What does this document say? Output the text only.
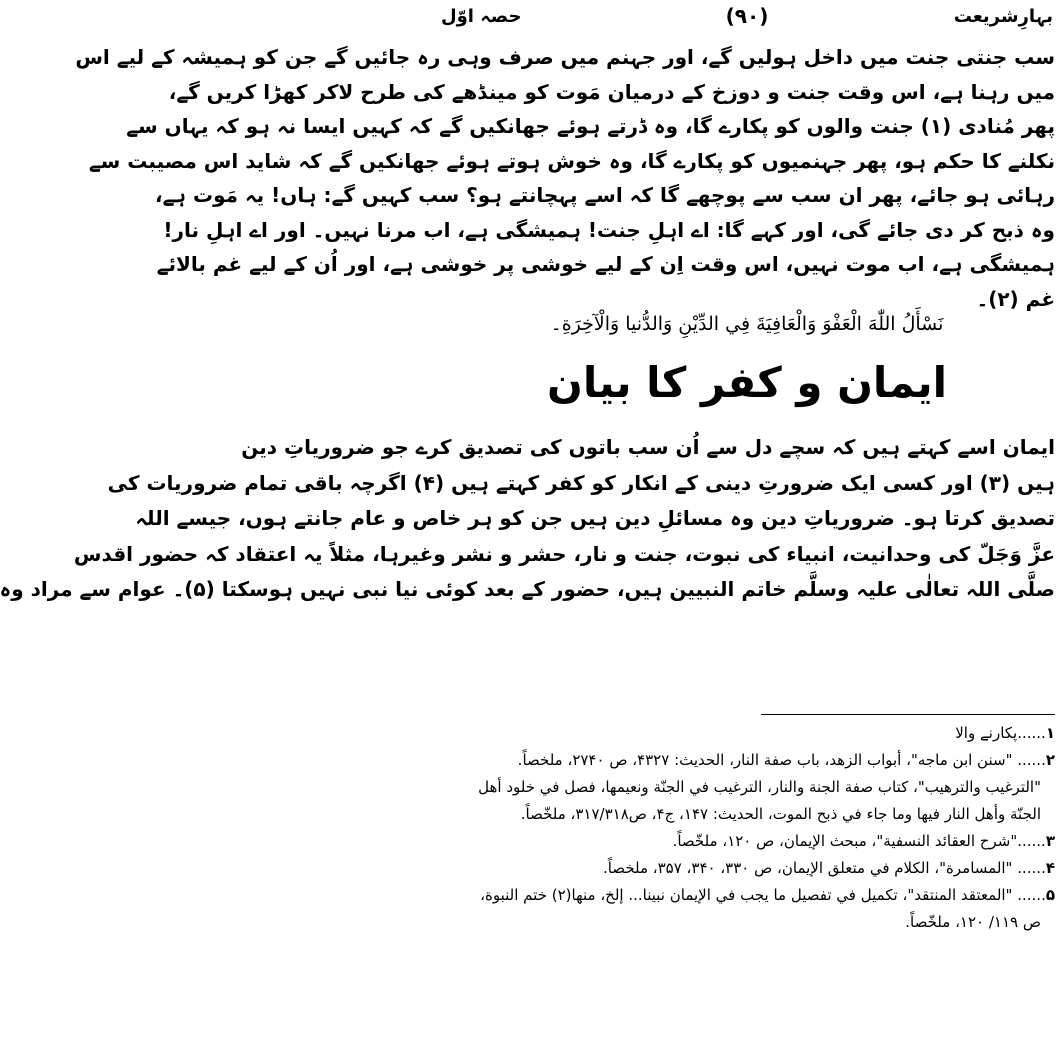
بہارِشریعت
(۹۰)
حصہ اوّل
سب جنتی جنت میں داخل ہولیں گے، اور جہنم میں صرف وہی رہ جائیں گے جن کو ہمیشہ کے لیے اس
میں رہنا ہے، اس وقت جنت و دوزخ کے درمیان مَوت کو مینڈھے کی طرح لاکر کھڑا کریں گے،
پھر مُنادی (۱) جنت والوں کو پکارے گا، وہ ڈرتے ہوئے جھانکیں گے کہ کہیں ایسا نہ ہو کہ یہاں سے
نکلنے کا حکم ہو، پھر جہنمیوں کو پکارے گا، وہ خوش ہوتے ہوئے جھانکیں گے کہ شاید اس مصیبت سے
رہائی ہو جائے، پھر ان سب سے پوچھے گا کہ اسے پہچانتے ہو؟ سب کہیں گے: ہاں! یہ مَوت ہے،
وہ ذبح کر دی جائے گی، اور کہے گا: اے اہلِ جنت! ہمیشگی ہے، اب مرنا نہیں۔ اور اے اہلِ نار!
ہمیشگی ہے، اب موت نہیں، اس وقت اِن کے لیے خوشی پر خوشی ہے، اور اُن کے لیے غم بالائے
غم (۲)۔
نَسْأَلُ اللّٰهَ الْعَفْوَ وَالْعَافِيَةَ فِي الدِّيْنِ وَالدُّنيا وَالْآخِرَةِ۔
ایمان و کفر کا بیان
ایمان اسے کہتے ہیں کہ سچے دل سے اُن سب باتوں کی تصدیق کرے جو ضروریاتِ دین
ہیں (۳) اور کسی ایک ضرورتِ دینی کے انکار کو کفر کہتے ہیں (۴) اگرچہ باقی تمام ضروریات کی
تصدیق کرتا ہو۔ ضروریاتِ دین وہ مسائلِ دین ہیں جن کو ہر خاص و عام جانتے ہوں، جیسے اللہ
عزَّ وَجَلّ کی وحدانیت، انبیاء کی نبوت، جنت و نار، حشر و نشر وغیرہا، مثلاً یہ اعتقاد کہ حضور اقدس
صلَّی اللہ تعالٰی علیہ وسلَّم خاتم النبیین ہیں، حضور کے بعد کوئی نیا نبی نہیں ہوسکتا (۵)۔ عوام سے مراد وہ
۱......پکارنے والا
۲...... "سنن ابن ماجه"، أبواب الزهد، باب صفة النار، الحديث: ۴۳۲۷، ص ۲۷۴۰، ملخصاً.
"الترغيب والترهيب"، كتاب صفة الجنة والنار، الترغيب في الجنّة ونعيمها، فصل في خلود أهل
الجنّة وأهل النار فيها وما جاء في ذبح الموت، الحديث: ۱۴۷، ج۴، ص۳۱۷/۳۱۸، ملخّصاً.
۳......"شرح العقائد النسفية"، مبحث الإيمان، ص ۱۲۰، ملخّصاً.
۴...... "المسامرة"، الكلام في متعلق الإيمان، ص ۳۳۰، ۳۴۰، ۳۵۷، ملخصاً.
۵...... "المعتقد المنتقد"، تكميل في تفصيل ما يجب في الإيمان نبينا... إلخ، منها(۲) ختم النبوة،
ص ۱۱۹/ ۱۲۰، ملخّصاً.
